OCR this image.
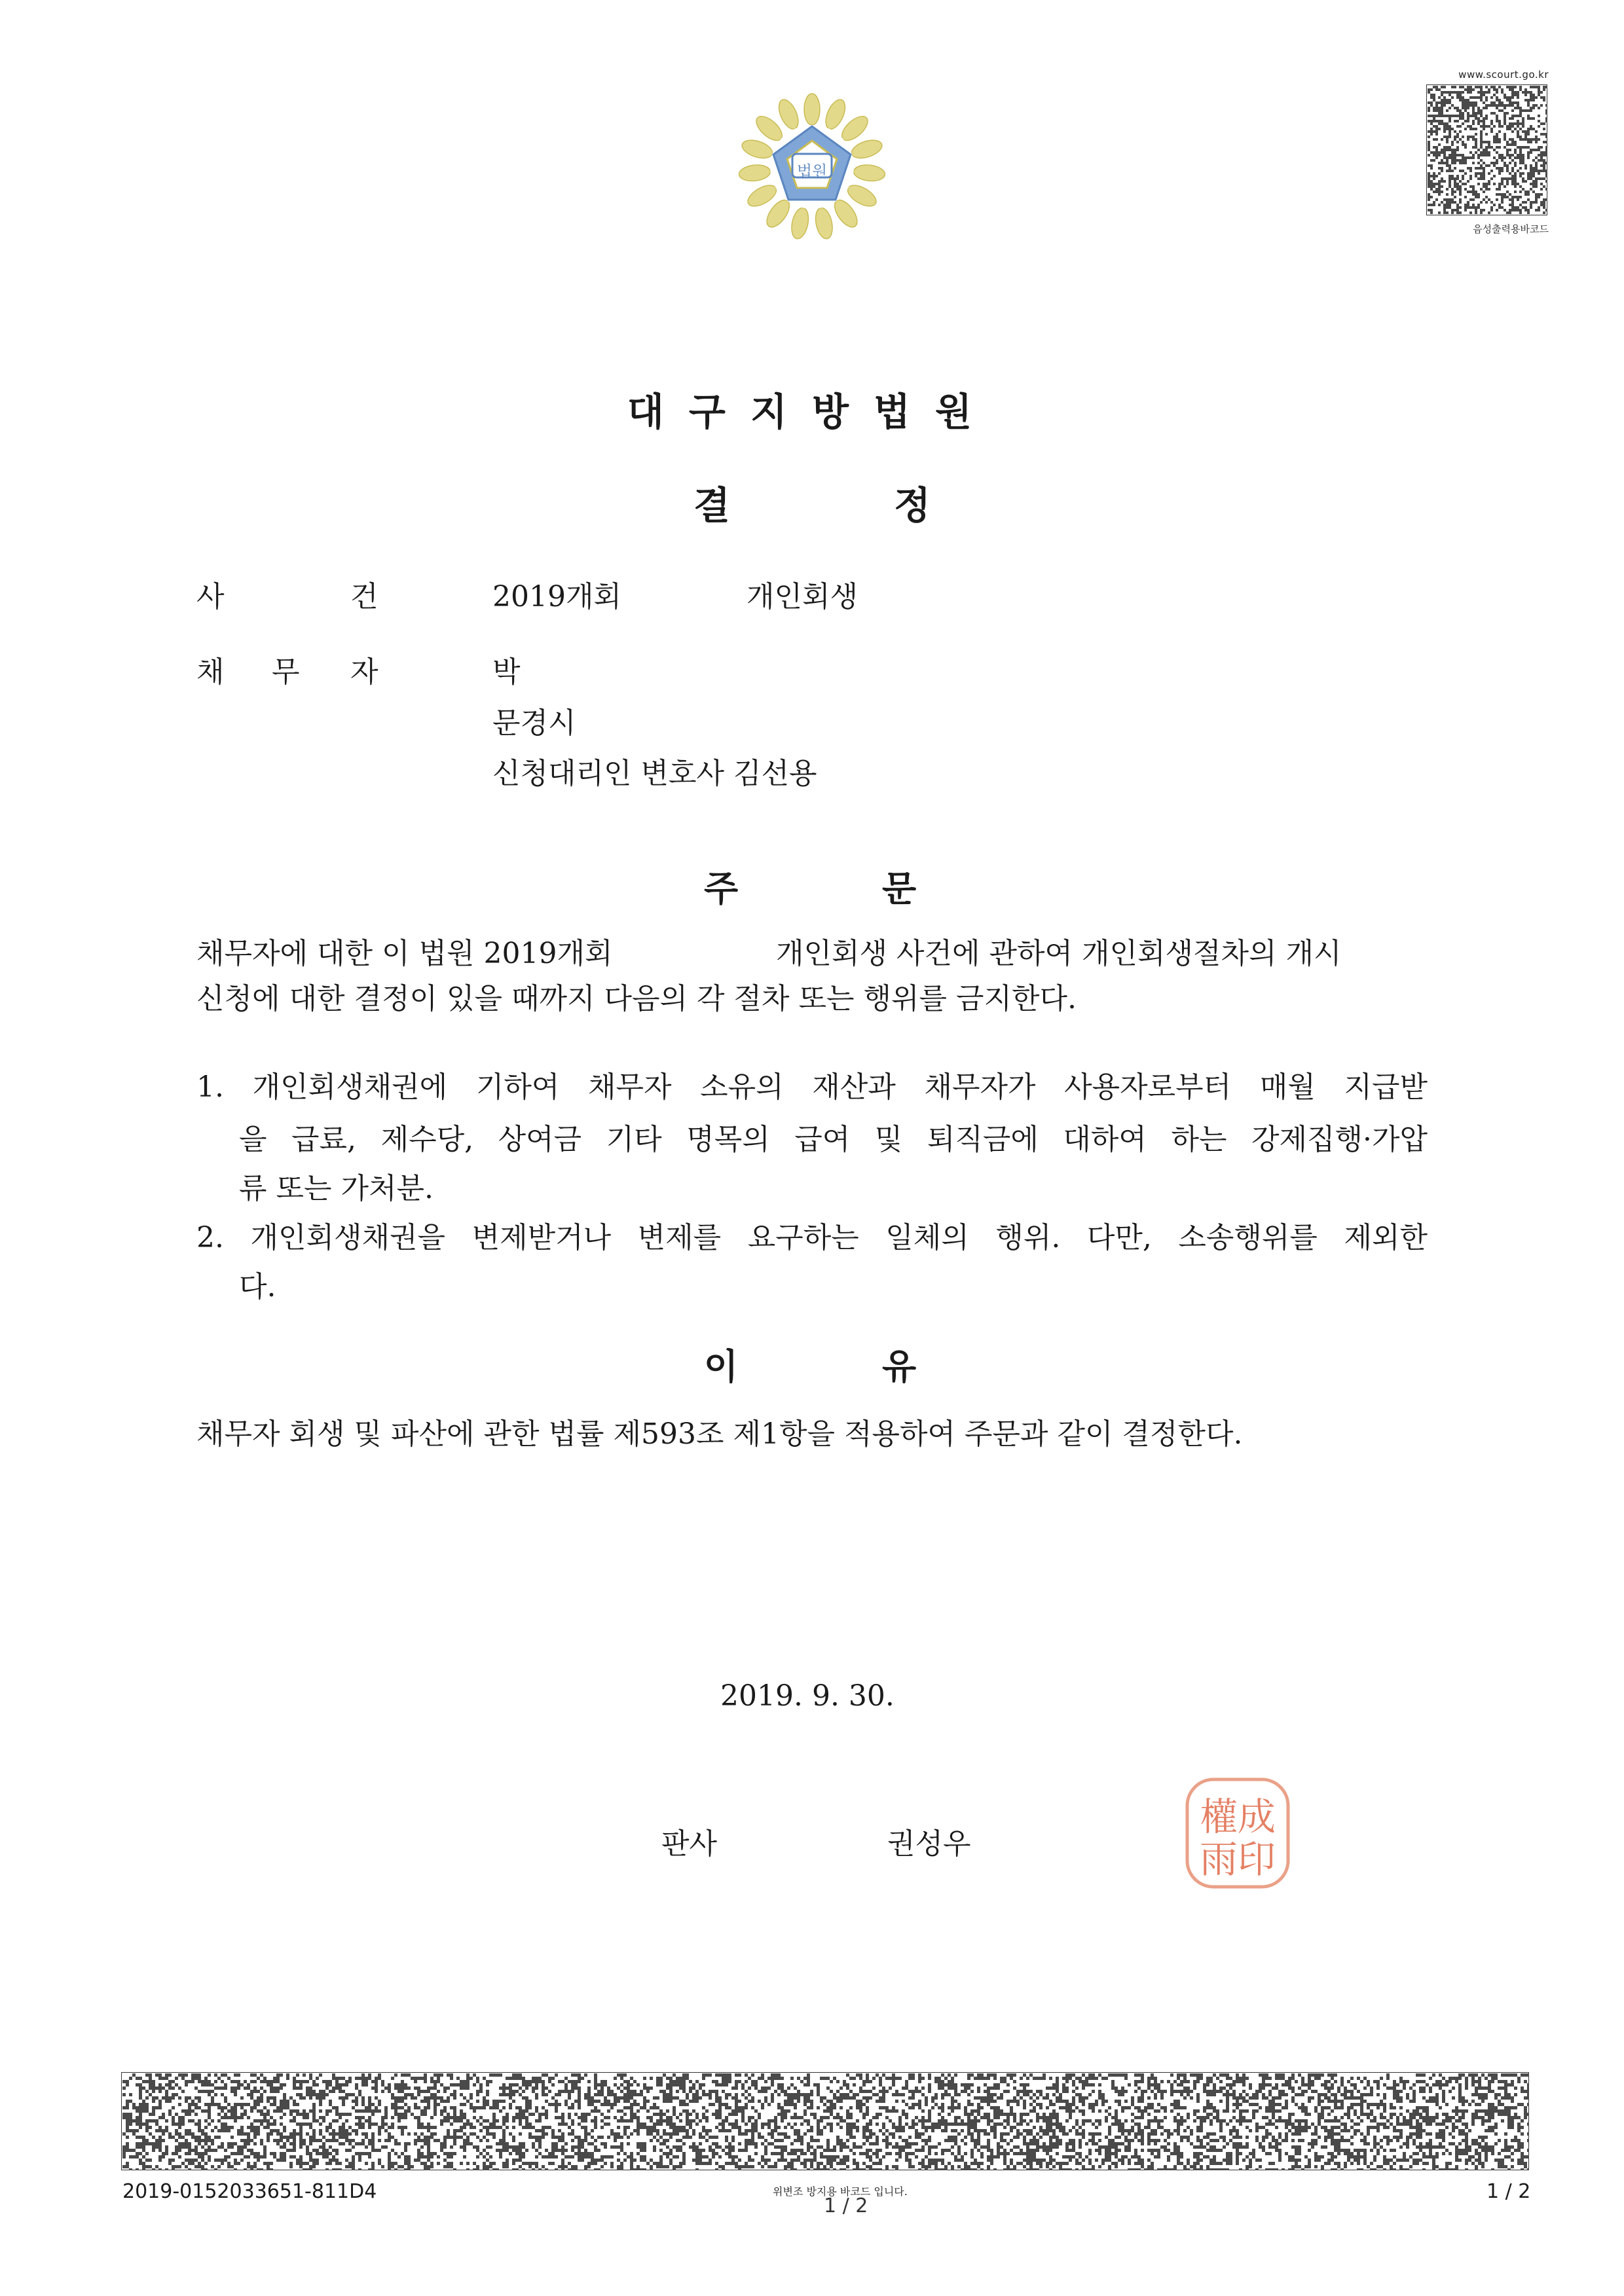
법원
www.scourt.go.kr
음성출력용바코드
대구지방법원
결	정
사	건	2019개회	개인회생
채 무 자	박
문경시
신청대리인 변호사 김선용
주	문
채무자에 대한 이 법원 2019개회	개인회생 사건에 관하여 개인회생절차의 개시
신청에 대한 결정이 있을 때까지 다음의 각 절차 또는 행위를 금지한다.
1. 개인회생채권에 기하여 채무자 소유의 재산과 채무자가 사용자로부터 매월 지급받
을 급료, 제수당, 상여금 기타 명목의 급여 및 퇴직금에 대하여 하는 강제집행·가압
류 또는 가처분.
2. 개인회생채권을 변제받거나 변제를 요구하는 일체의 행위. 다만, 소송행위를 제외한
다.
이	유
채무자 회생 및 파산에 관한 법률 제593조 제1항을 적용하여 주문과 같이 결정한다.
2019. 9. 30.
판사	권성우
權成
雨印
2019-0152033651-811D4	위변조 방지용 바코드 입니다.
1 / 2
1 / 2
